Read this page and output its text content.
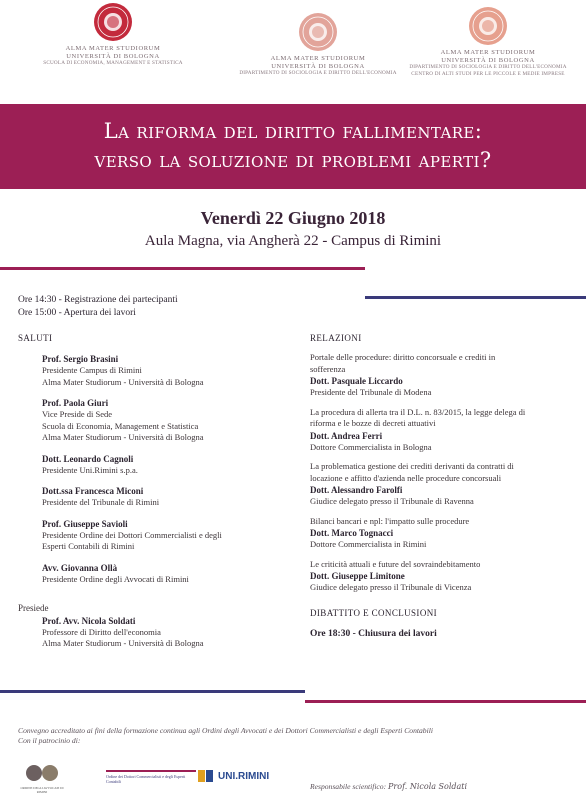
ALMA MATER STUDIORUM
UNIVERSITÀ DI BOLOGNA
SCUOLA DI ECONOMIA, MANAGEMENT E STATISTICA
ALMA MATER STUDIORUM
UNIVERSITÀ DI BOLOGNA
DIPARTIMENTO DI SOCIOLOGIA E DIRITTO DELL'ECONOMIA
ALMA MATER STUDIORUM
UNIVERSITÀ DI BOLOGNA
DIPARTIMENTO DI SOCIOLOGIA E DIRITTO DELL'ECONOMIA
CENTRO DI ALTI STUDI PER LE PICCOLE E MEDIE IMPRESE
La riforma del diritto fallimentare:
verso la soluzione di problemi aperti?
Venerdì 22 Giugno 2018
Aula Magna, via Angherà 22 - Campus di Rimini
Ore 14:30 - Registrazione dei partecipanti
Ore 15:00 - Apertura dei lavori
SALUTI
Prof. Sergio Brasini
Presidente Campus di Rimini
Alma Mater Studiorum - Università di Bologna
Prof. Paola Giuri
Vice Preside di Sede
Scuola di Economia, Management e Statistica
Alma Mater Studiorum - Università di Bologna
Dott. Leonardo Cagnoli
Presidente Uni.Rimini s.p.a.
Dott.ssa Francesca Miconi
Presidente del Tribunale di Rimini
Prof. Giuseppe Savioli
Presidente Ordine dei Dottori Commercialisti e degli
Esperti Contabili di Rimini
Avv. Giovanna Ollà
Presidente Ordine degli Avvocati di Rimini
Presiede
Prof. Avv. Nicola Soldati
Professore di Diritto dell'economia
Alma Mater Studiorum - Università di Bologna
RELAZIONI
Portale delle procedure: diritto concorsuale e crediti in
sofferenza
Dott. Pasquale Liccardo
Presidente del Tribunale di Modena
La procedura di allerta tra il D.L. n. 83/2015, la legge delega di
riforma e le bozze di decreti attuativi
Dott. Andrea Ferri
Dottore Commercialista in Bologna
La problematica gestione dei crediti derivanti da contratti di
locazione e affitto d'azienda nelle procedure concorsuali
Dott. Alessandro Farolfi
Giudice delegato presso il Tribunale di Ravenna
Bilanci bancari e npl: l'impatto sulle procedure
Dott. Marco Tognacci
Dottore Commercialista in Rimini
Le criticità attuali e future del sovraindebitamento
Dott. Giuseppe Limitone
Giudice delegato presso il Tribunale di Vicenza
DIBATTITO E CONCLUSIONI
Ore 18:30 - Chiusura dei lavori
Convegno accreditato ai fini della formazione continua agli Ordini degli Avvocati e dei Dottori Commercialisti e degli Esperti Contabili
Con il patrocinio di:
ORDINE DEGLI AVVOCATI DI RIMINI
Ordine dei Dottori Commercialisti e degli Esperti Contabili	UNI.RIMINI
Responsabile scientifico: Prof. Nicola Soldati
